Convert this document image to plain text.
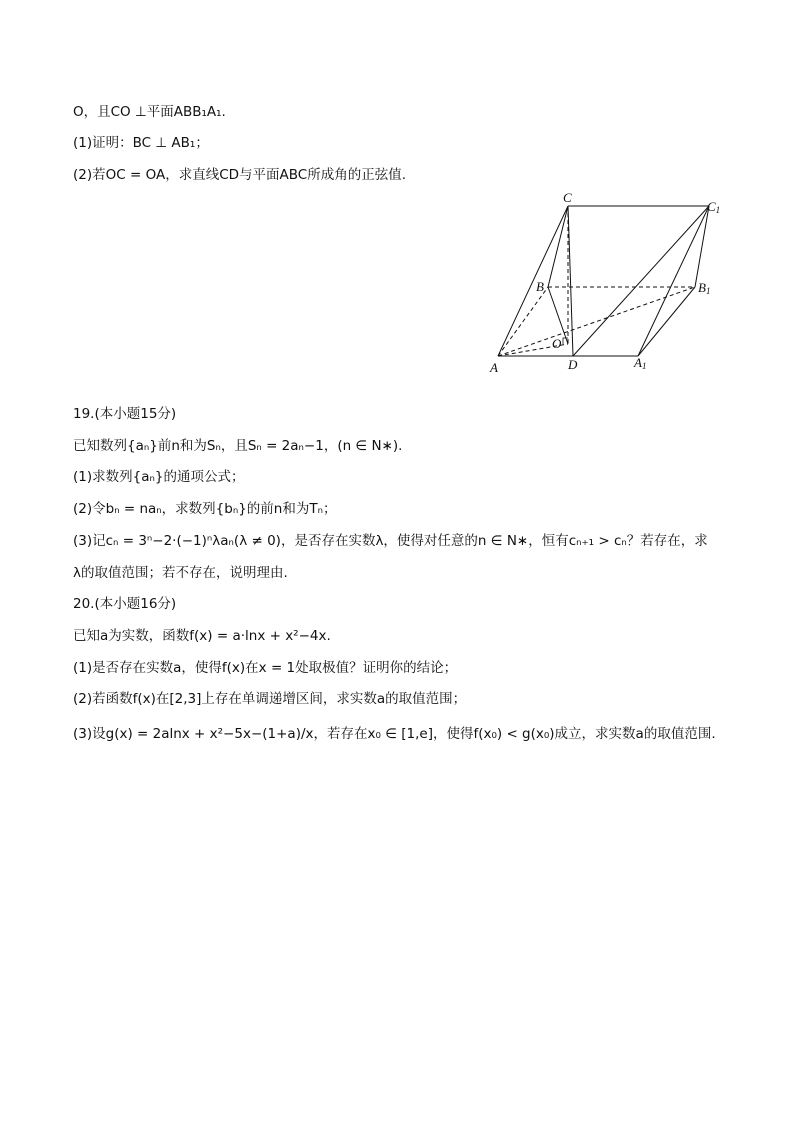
O，且CO ⊥平面ABB₁A₁.
(1)证明：BC ⊥ AB₁；
(2)若OC = OA，求直线CD与平面ABC所成角的正弦值.
C
C1
B	B1
O
A	D	A1
19.(本小题15分)
已知数列{aₙ}前n和为Sₙ，且Sₙ = 2aₙ−1，(n ∈ N∗).
(1)求数列{aₙ}的通项公式；
(2)令bₙ = naₙ，求数列{bₙ}的前n和为Tₙ；
(3)记cₙ = 3ⁿ−2·(−1)ⁿλaₙ(λ ≠ 0)，是否存在实数λ，使得对任意的n ∈ N∗，恒有cₙ₊₁ > cₙ？若存在，求
λ的取值范围；若不存在，说明理由.
20.(本小题16分)
已知a为实数，函数f(x) = a·lnx + x²−4x.
(1)是否存在实数a，使得f(x)在x = 1处取极值？证明你的结论；
(2)若函数f(x)在[2,3]上存在单调递增区间，求实数a的取值范围；
(3)设g(x) = 2alnx + x²−5x−(1+a)/x，若存在x₀ ∈ [1,e]，使得f(x₀) < g(x₀)成立，求实数a的取值范围.
